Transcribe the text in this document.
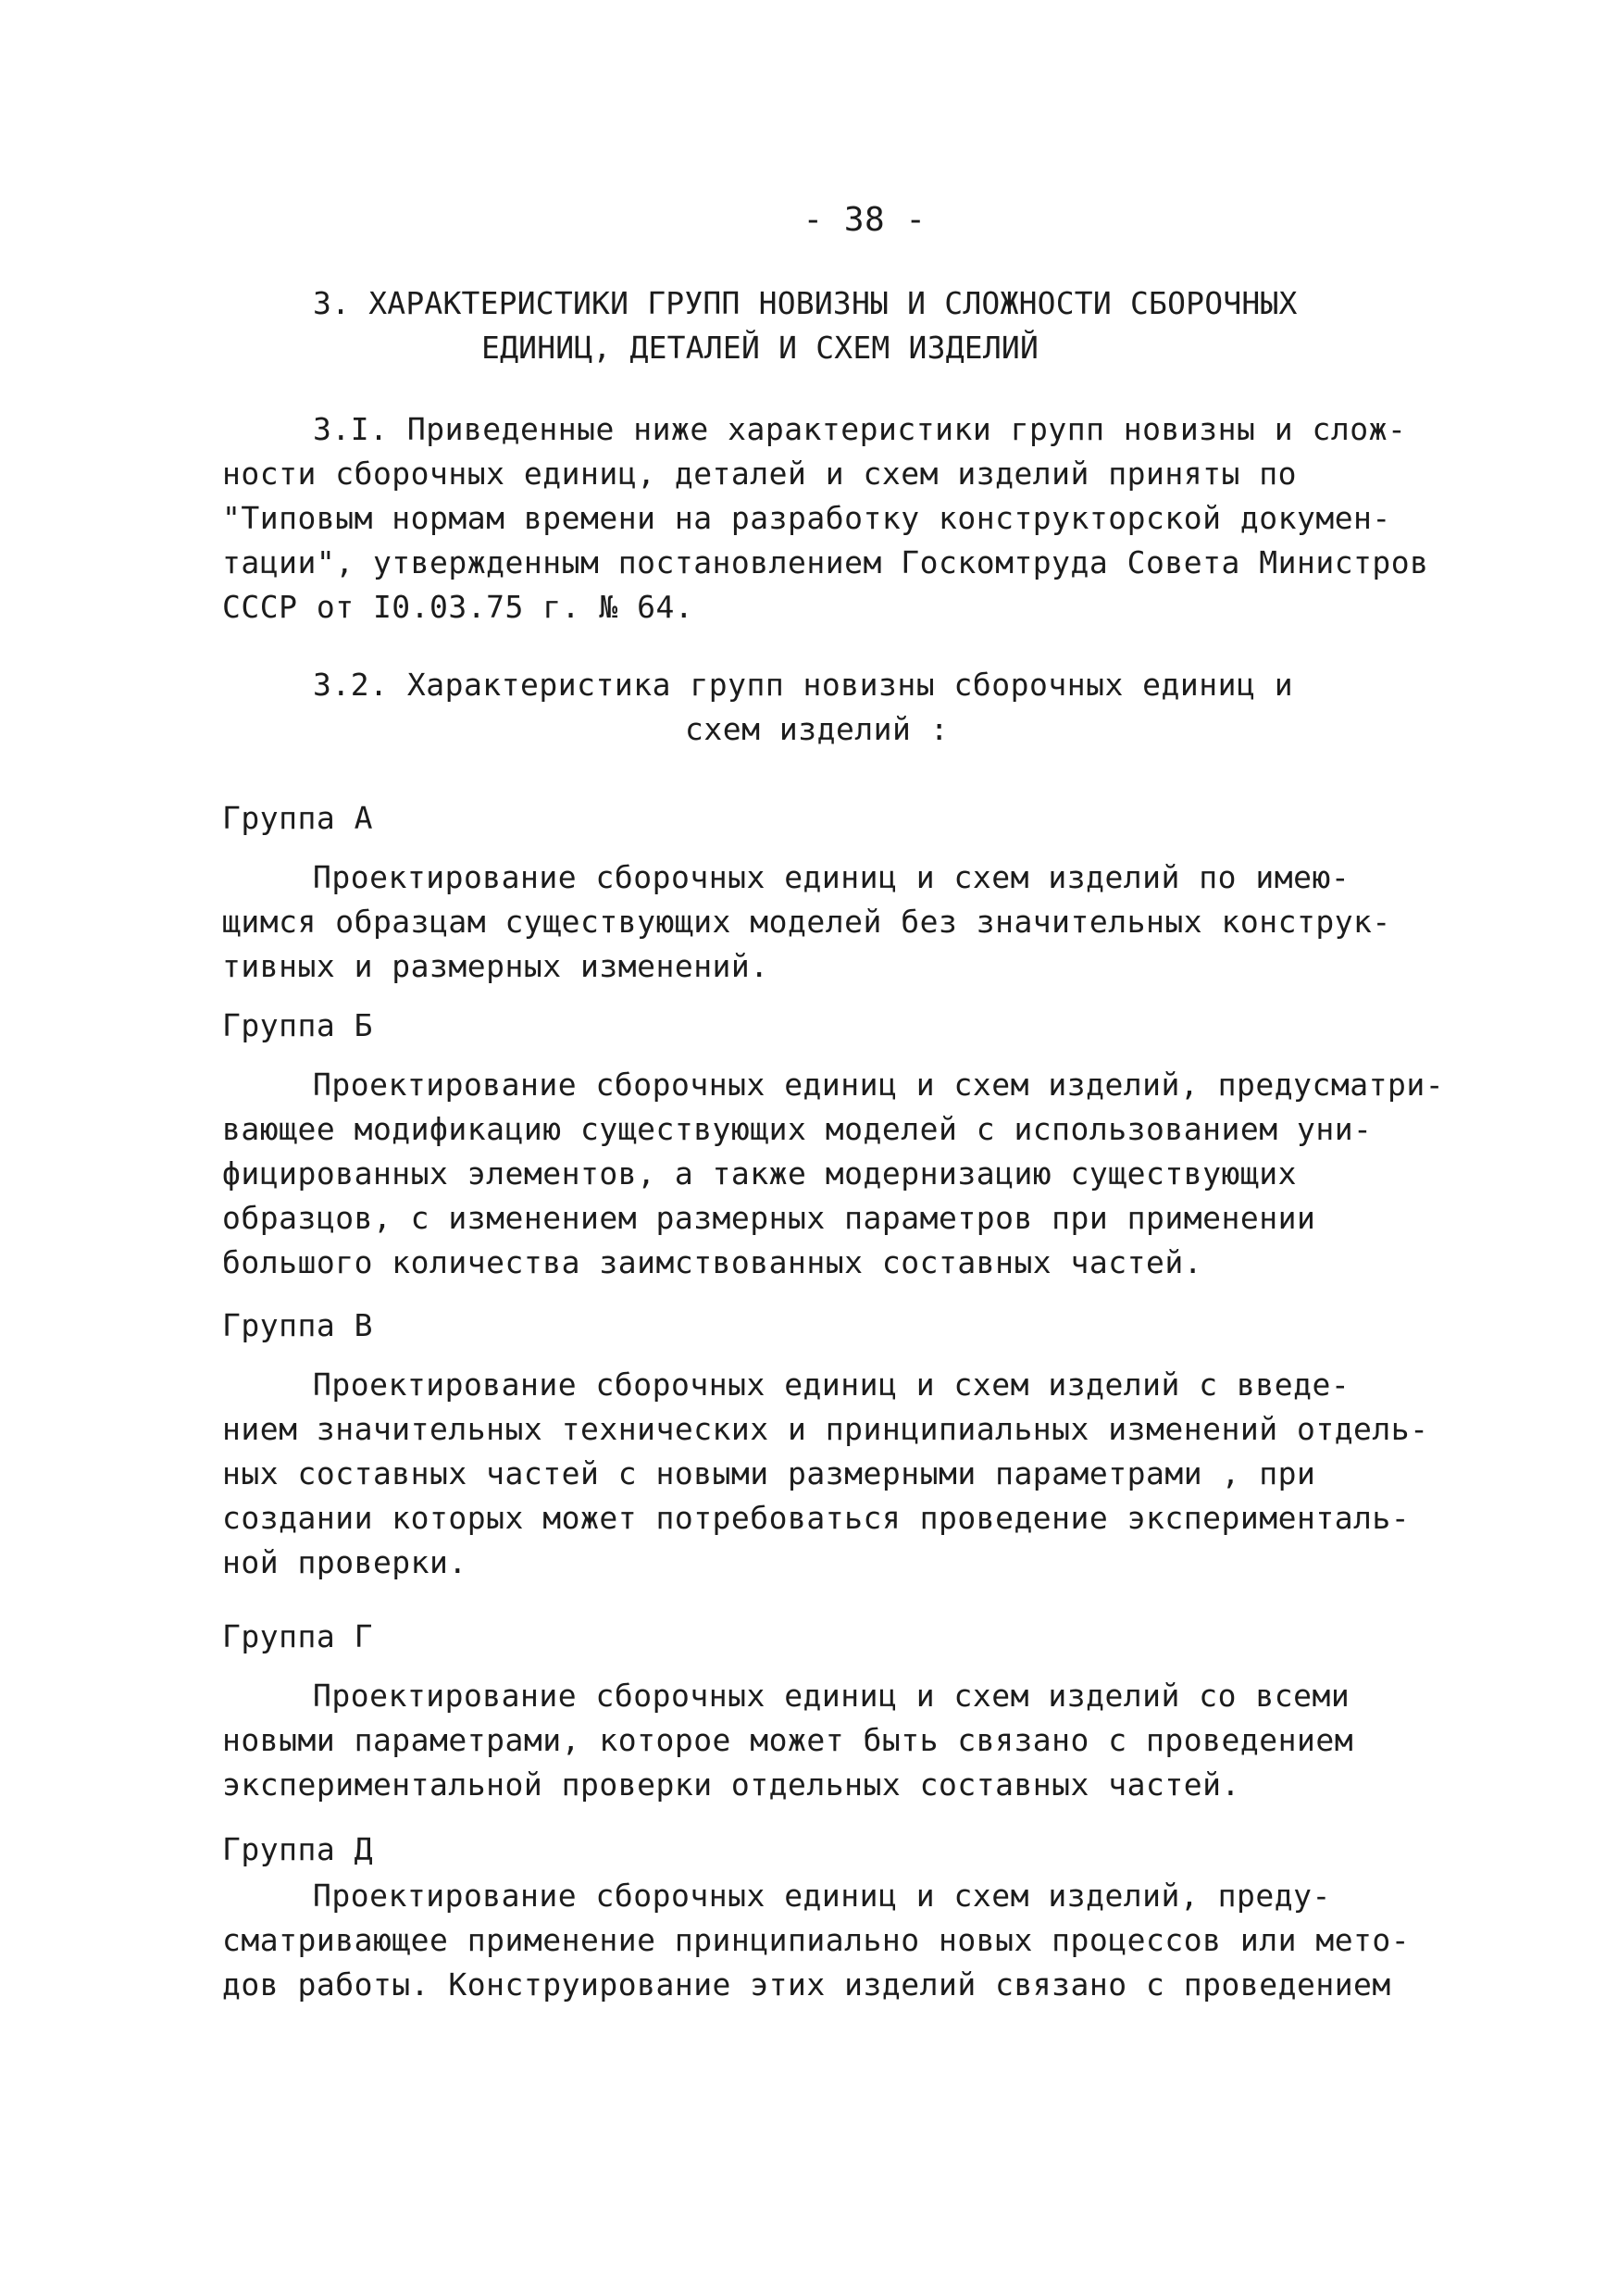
- 38 -
3. ХАРАКТЕРИСТИКИ ГРУПП НОВИЗНЫ И СЛОЖНОСТИ СБОРОЧНЫХ
ЕДИНИЦ, ДЕТАЛЕЙ И СХЕМ ИЗДЕЛИЙ
3.I. Приведенные ниже характеристики групп новизны и слож-
ности сборочных единиц, деталей и схем изделий приняты по
"Типовым нормам времени на разработку конструкторской докумен-
тации", утвержденным постановлением Госкомтруда Совета Министров
СССР от I0.03.75 г. № 64.
3.2. Характеристика групп новизны сборочных единиц и
схем изделий :
Группа А
Проектирование сборочных единиц и схем изделий по имею-
щимся образцам существующих моделей без значительных конструк-
тивных и размерных изменений.
Группа Б
Проектирование сборочных единиц и схем изделий, предусматри-
вающее модификацию существующих моделей с использованием уни-
фицированных элементов, а также модернизацию существующих
образцов, с изменением размерных параметров при применении
большого количества заимствованных составных частей.
Группа В
Проектирование сборочных единиц и схем изделий с введе-
нием значительных технических и принципиальных изменений отдель-
ных составных частей с новыми размерными параметрами , при
создании которых может потребоваться проведение эксперименталь-
ной проверки.
Группа Г
Проектирование сборочных единиц и схем изделий со всеми
новыми параметрами, которое может быть связано с проведением
экспериментальной проверки отдельных составных частей.
Группа Д
Проектирование сборочных единиц и схем изделий, преду-
сматривающее применение принципиально новых процессов или мето-
дов работы. Конструирование этих изделий связано с проведением
